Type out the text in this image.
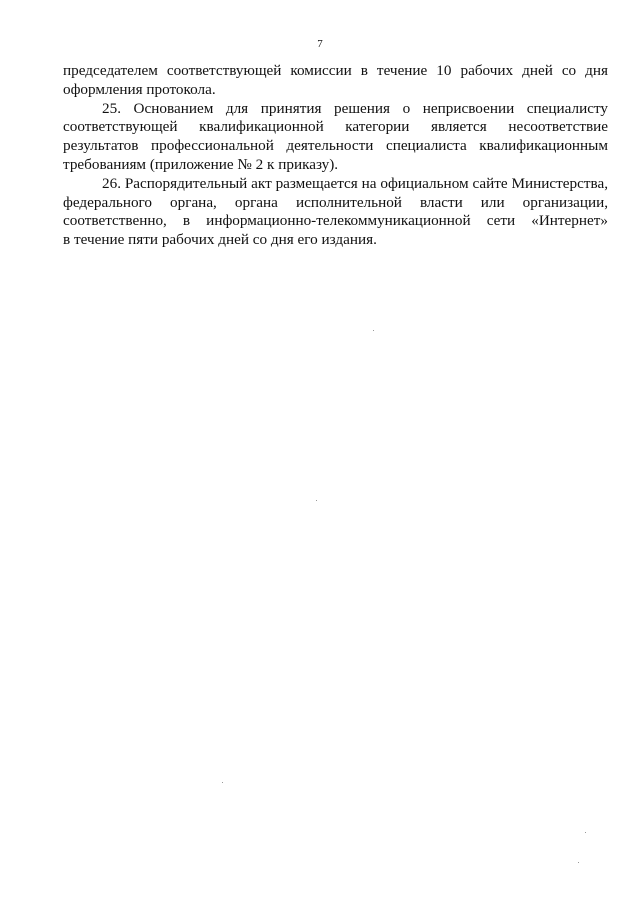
7
председателем соответствующей комиссии в течение 10 рабочих дней со дня
оформления протокола.
25. Основанием для принятия решения о неприсвоении специалисту
соответствующей квалификационной категории является несоответствие
результатов профессиональной деятельности специалиста квалификационным
требованиям (приложение № 2 к приказу).
26. Распорядительный акт размещается на официальном сайте Министерства,
федерального органа, органа исполнительной власти или организации,
соответственно, в информационно-телекоммуникационной сети «Интернет»
в течение пяти рабочих дней со дня его издания.
